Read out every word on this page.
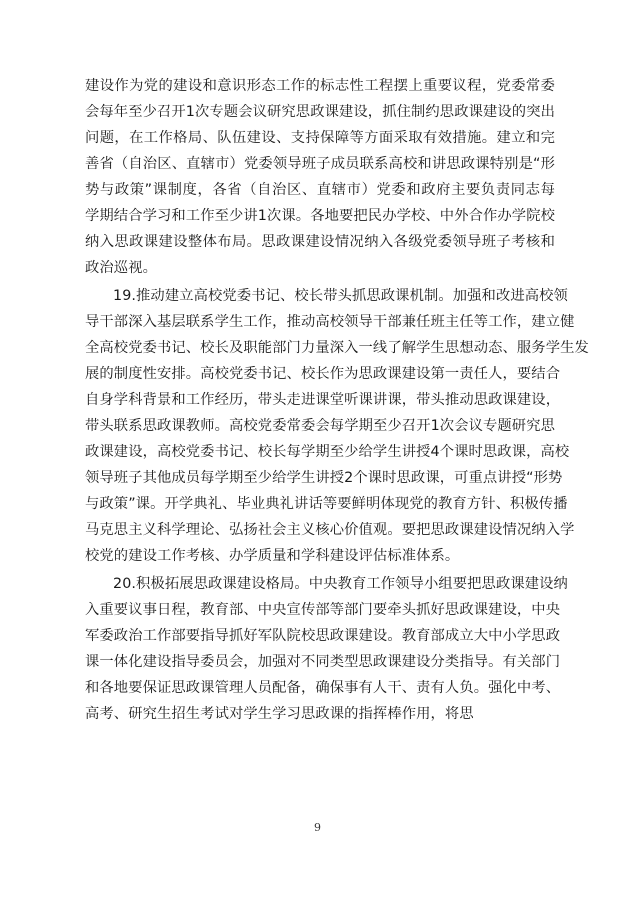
建设作为党的建设和意识形态工作的标志性工程摆上重要议程，党委常委
会每年至少召开1次专题会议研究思政课建设，抓住制约思政课建设的突出
问题，在工作格局、队伍建设、支持保障等方面采取有效措施。建立和完
善省（自治区、直辖市）党委领导班子成员联系高校和讲思政课特别是“形
势与政策”课制度，各省（自治区、直辖市）党委和政府主要负责同志每
学期结合学习和工作至少讲1次课。各地要把民办学校、中外合作办学院校
纳入思政课建设整体布局。思政课建设情况纳入各级党委领导班子考核和
政治巡视。
19.推动建立高校党委书记、校长带头抓思政课机制。加强和改进高校领
导干部深入基层联系学生工作，推动高校领导干部兼任班主任等工作，建立健
全高校党委书记、校长及职能部门力量深入一线了解学生思想动态、服务学生发
展的制度性安排。高校党委书记、校长作为思政课建设第一责任人，要结合
自身学科背景和工作经历，带头走进课堂听课讲课，带头推动思政课建设，
带头联系思政课教师。高校党委常委会每学期至少召开1次会议专题研究思
政课建设，高校党委书记、校长每学期至少给学生讲授4个课时思政课，高校
领导班子其他成员每学期至少给学生讲授2个课时思政课，可重点讲授“形势
与政策”课。开学典礼、毕业典礼讲话等要鲜明体现党的教育方针、积极传播
马克思主义科学理论、弘扬社会主义核心价值观。要把思政课建设情况纳入学
校党的建设工作考核、办学质量和学科建设评估标准体系。
20.积极拓展思政课建设格局。中央教育工作领导小组要把思政课建设纳
入重要议事日程，教育部、中央宣传部等部门要牵头抓好思政课建设，中央
军委政治工作部要指导抓好军队院校思政课建设。教育部成立大中小学思政
课一体化建设指导委员会，加强对不同类型思政课建设分类指导。有关部门
和各地要保证思政课管理人员配备，确保事有人干、责有人负。强化中考、
高考、研究生招生考试对学生学习思政课的指挥棒作用，将思
9
